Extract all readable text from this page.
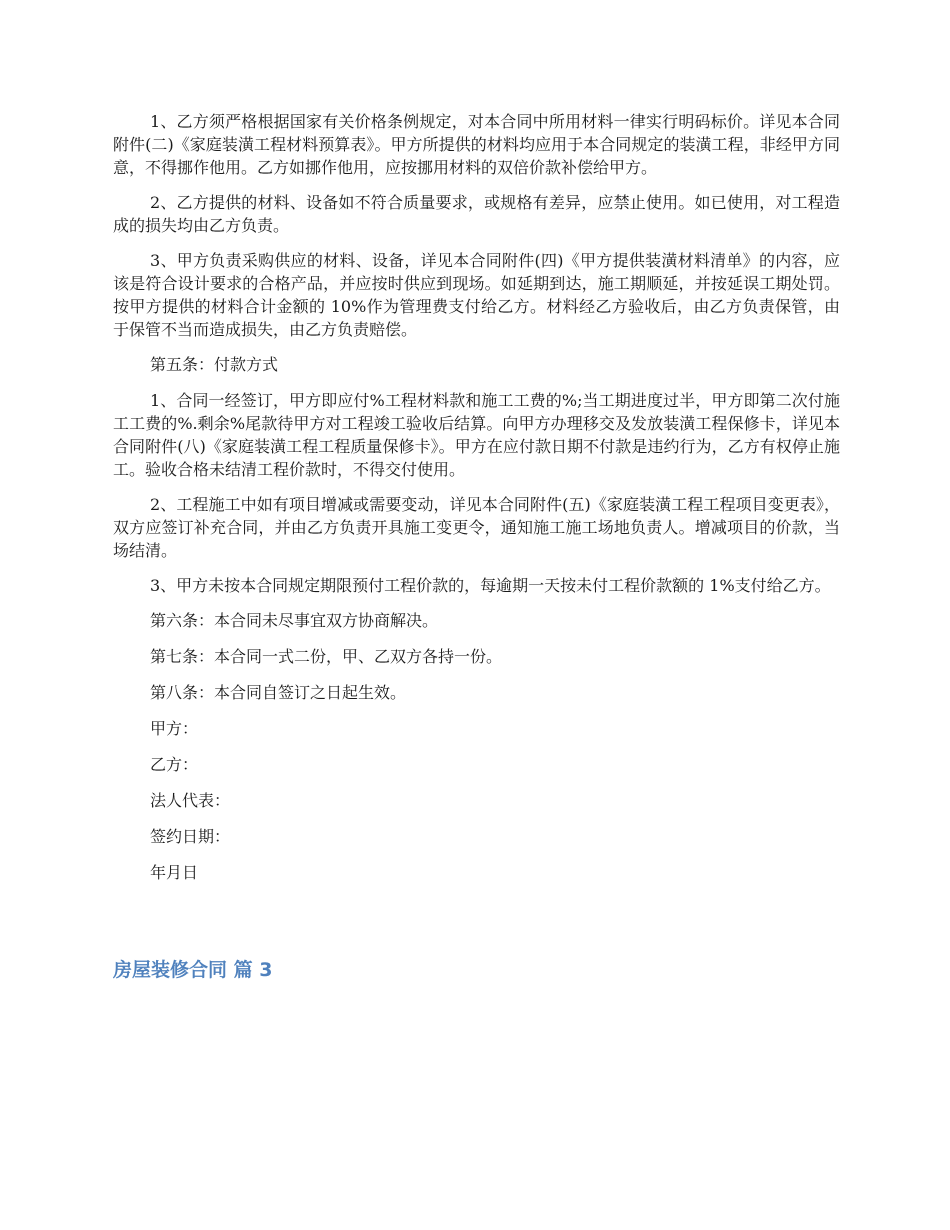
1、乙方须严格根据国家有关价格条例规定，对本合同中所用材料一律实行明码标价。详见本合同附件(二)《家庭装潢工程材料预算表》。甲方所提供的材料均应用于本合同规定的装潢工程，非经甲方同意，不得挪作他用。乙方如挪作他用，应按挪用材料的双倍价款补偿给甲方。

2、乙方提供的材料、设备如不符合质量要求，或规格有差异，应禁止使用。如已使用，对工程造成的损失均由乙方负责。

3、甲方负责采购供应的材料、设备，详见本合同附件(四)《甲方提供装潢材料清单》的内容，应该是符合设计要求的合格产品，并应按时供应到现场。如延期到达，施工期顺延，并按延误工期处罚。按甲方提供的材料合计金额的 10%作为管理费支付给乙方。材料经乙方验收后，由乙方负责保管，由于保管不当而造成损失，由乙方负责赔偿。

第五条：付款方式

1、合同一经签订，甲方即应付%工程材料款和施工工费的%;当工期进度过半，甲方即第二次付施工工费的%.剩余%尾款待甲方对工程竣工验收后结算。向甲方办理移交及发放装潢工程保修卡，详见本合同附件(八)《家庭装潢工程工程质量保修卡》。甲方在应付款日期不付款是违约行为，乙方有权停止施工。验收合格未结清工程价款时，不得交付使用。

2、工程施工中如有项目增减或需要变动，详见本合同附件(五)《家庭装潢工程工程项目变更表》，双方应签订补充合同，并由乙方负责开具施工变更令，通知施工施工场地负责人。增减项目的价款，当场结清。

3、甲方未按本合同规定期限预付工程价款的，每逾期一天按未付工程价款额的 1%支付给乙方。

第六条：本合同未尽事宜双方协商解决。

第七条：本合同一式二份，甲、乙双方各持一份。

第八条：本合同自签订之日起生效。

甲方：

乙方：

法人代表：

签约日期：

年月日

房屋装修合同 篇 3
